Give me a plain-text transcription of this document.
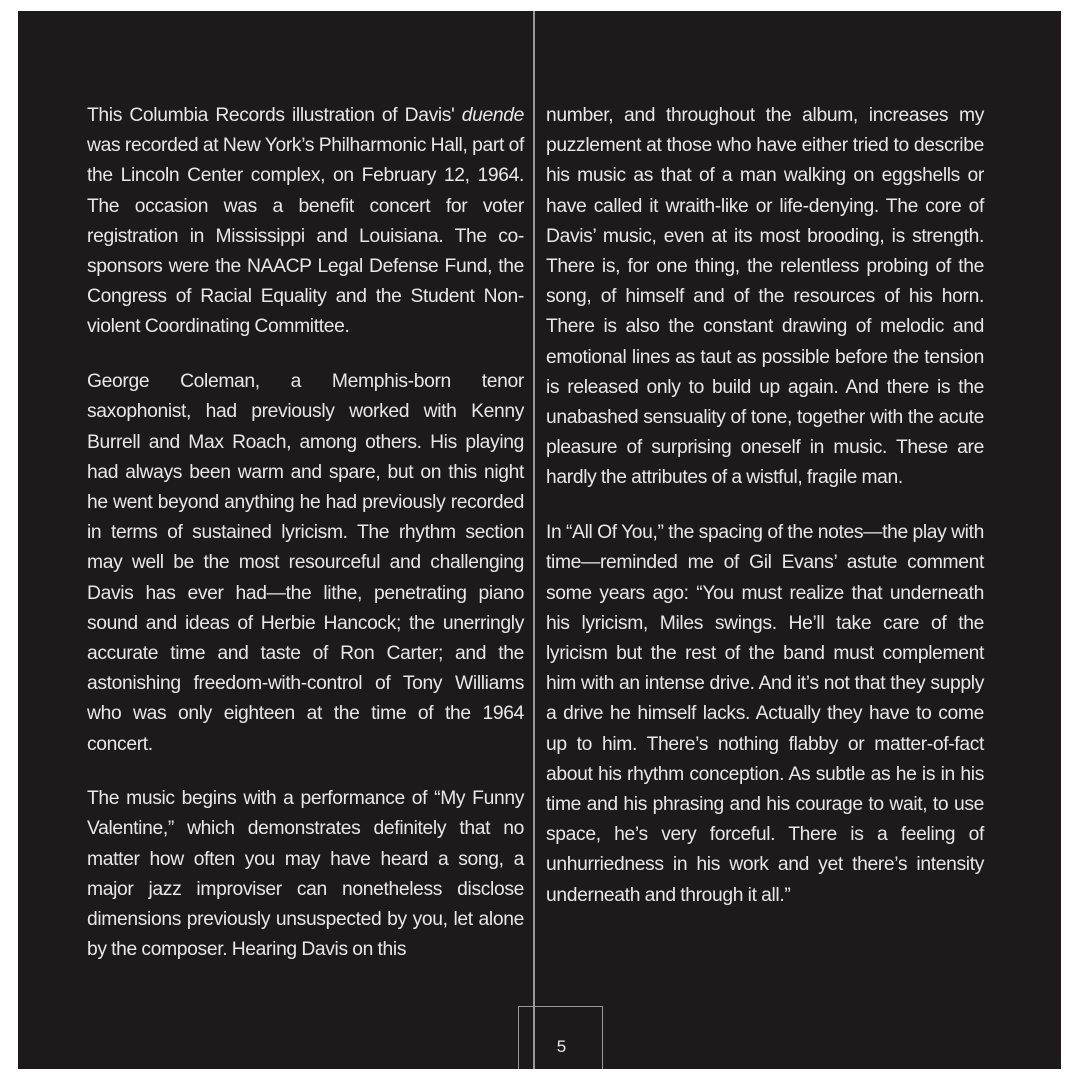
This Columbia Records illustration of Davis' duende was recorded at New York’s Philharmonic Hall, part of the Lincoln Center complex, on February 12, 1964. The occasion was a benefit concert for voter registration in Mississippi and Louisiana. The co-sponsors were the NAACP Legal Defense Fund, the Congress of Racial Equality and the Student Non-violent Coordinating Committee.

George Coleman, a Memphis-born tenor saxophonist, had previously worked with Kenny Burrell and Max Roach, among others. His playing had always been warm and spare, but on this night he went beyond anything he had previously recorded in terms of sustained lyricism. The rhythm section may well be the most resourceful and challenging Davis has ever had—the lithe, penetrating piano sound and ideas of Herbie Hancock; the unerringly accurate time and taste of Ron Carter; and the astonishing freedom-with-control of Tony Williams who was only eighteen at the time of the 1964 concert.

The music begins with a performance of “My Funny Valentine,” which demonstrates definitely that no matter how often you may have heard a song, a major jazz improviser can nonetheless disclose dimensions previously unsuspected by you, let alone by the composer. Hearing Davis on this

number, and throughout the album, increases my puzzlement at those who have either tried to describe his music as that of a man walking on eggshells or have called it wraith-like or life-denying. The core of Davis’ music, even at its most brooding, is strength. There is, for one thing, the relentless probing of the song, of himself and of the resources of his horn. There is also the constant drawing of melodic and emotional lines as taut as possible before the tension is released only to build up again. And there is the unabashed sensuality of tone, together with the acute pleasure of surprising oneself in music. These are hardly the attributes of a wistful, fragile man.

In “All Of You,” the spacing of the notes—the play with time—reminded me of Gil Evans’ astute comment some years ago: “You must realize that underneath his lyricism, Miles swings. He’ll take care of the lyricism but the rest of the band must complement him with an intense drive. And it’s not that they supply a drive he himself lacks. Actually they have to come up to him. There’s nothing flabby or matter-of-fact about his rhythm conception. As subtle as he is in his time and his phrasing and his courage to wait, to use space, he’s very forceful. There is a feeling of unhurriedness in his work and yet there’s intensity underneath and through it all.”

5
